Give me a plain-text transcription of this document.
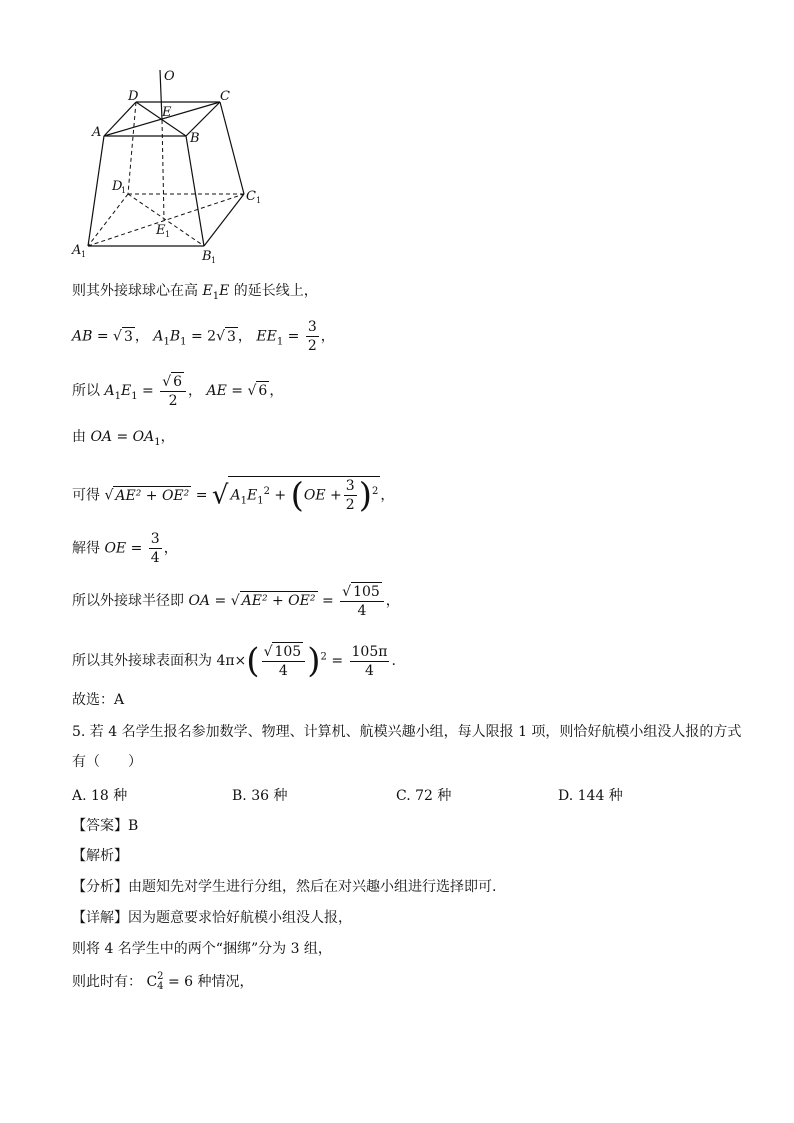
O
D
E
C
A	B
D
C
E
A	B
1
1
1
1
1
则其外接球球心在高 $E_1E$ 的延长线上，
AB = √ 3 ， $A_1B_1 = 2√$ 3 ， $EE_1 = \frac{3}{2}$ ，
所以 $A_1E_1 = \frac{√ 6}{2}$ ， AE = √ 6 ，
由 OA = $OA_1$，
可得 √ AE² + OE² = √ $A_1E_1^2 + (OE + \frac{3}{2} )^2$ ，
解得 OE = $\frac{3}{4}$ ，
所以外接球半径即 OA = √ $AE^2 + OE^2 = \frac{√ 105}{4}$ ，
所以其外接球表面积为 $4\pi\times( \frac{√ 105}{4} )^2 = \frac{105\pi}{4}$ .
故选：A
5. 若 4 名学生报名参加数学、物理、计算机、航模兴趣小组，每人限报 1 项，则恰好航模小组没人报的方式
有（　　）
A. 18 种	B. 36 种	C. 72 种	D. 144 种
【答案】B
【解析】
【分析】由题知先对学生进行分组，然后在对兴趣小组进行选择即可.
【详解】因为题意要求恰好航模小组没人报，
则将 4 名学生中的两个“捆绑”分为 3 组，
则此时有： C 2
4 = 6 种情况，
